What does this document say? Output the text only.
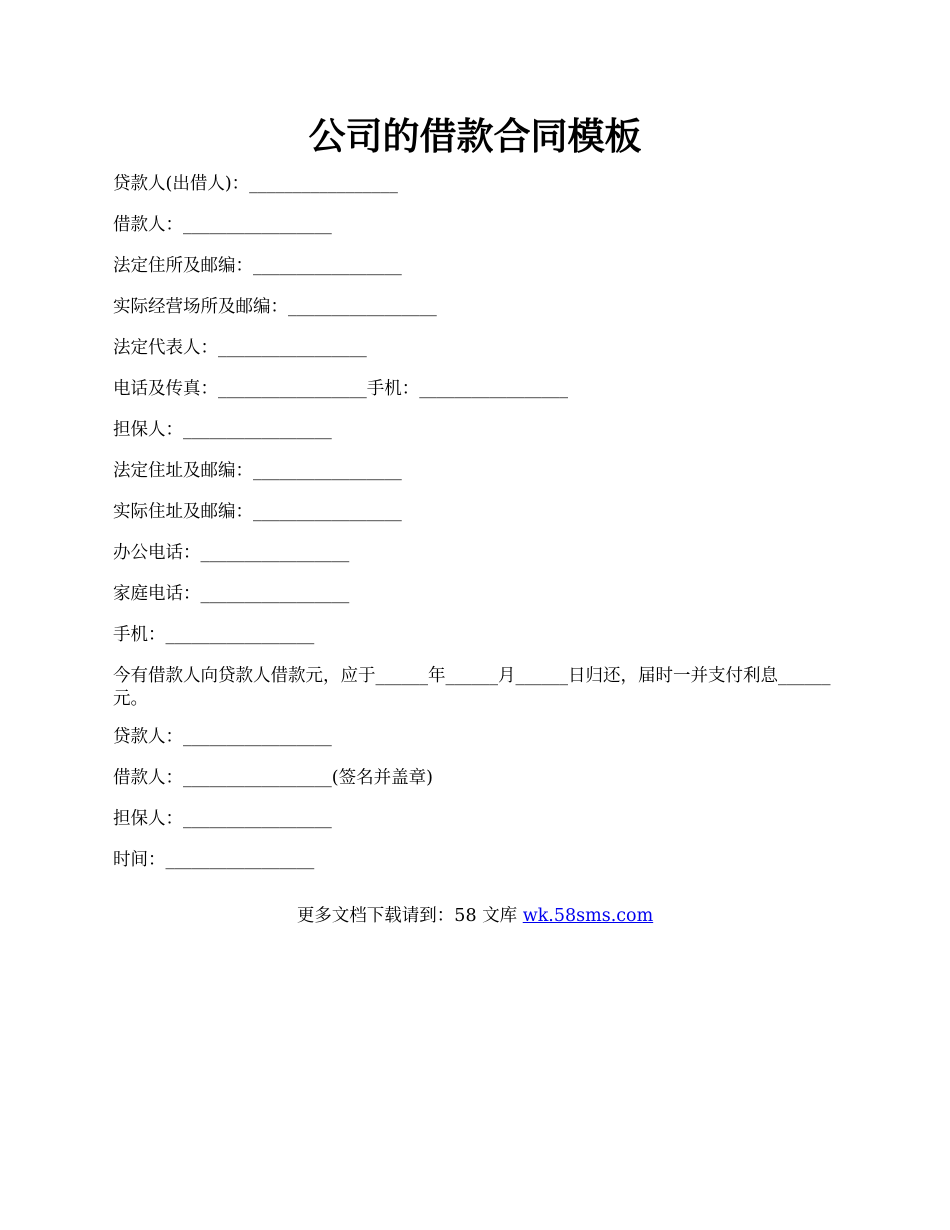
公司的借款合同模板

贷款人(出借人)：_________________

借款人：_________________

法定住所及邮编：_________________

实际经营场所及邮编：_________________

法定代表人：_________________

电话及传真：_________________手机：_________________

担保人：_________________

法定住址及邮编：_________________

实际住址及邮编：_________________

办公电话：_________________

家庭电话：_________________

手机：_________________

今有借款人向贷款人借款元，应于______年______月______日归还，届时一并支付利息______元。

贷款人：_________________

借款人：_________________(签名并盖章)

担保人：_________________

时间：_________________

更多文档下载请到：58 文库 wk.58sms.com
